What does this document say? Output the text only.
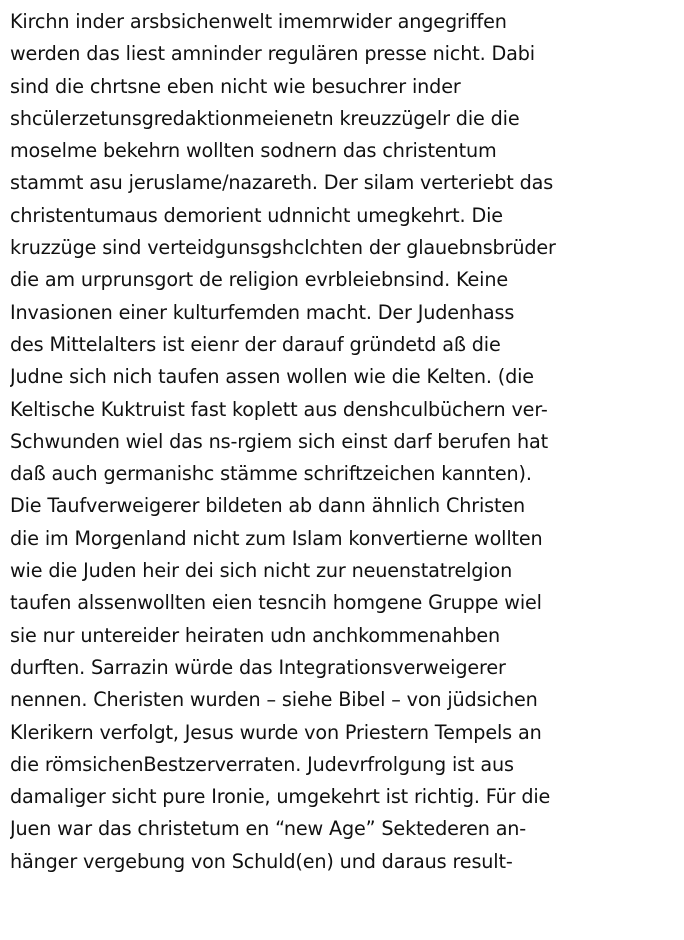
Kirchn inder arsbsichenwelt imemrwider angegriffen
werden das liest amninder regulären presse nicht. Dabi
sind die chrtsne eben nicht wie besuchrer inder
shcülerzetunsgredaktionmeienetn kreuzzügelr die die
moselme bekehrn wollten sodnern das christentum
stammt asu jeruslame/nazareth. Der silam verteriebt das
christentumaus demorient udnnicht umegkehrt. Die
kruzzüge sind verteidgunsgshclchten der glauebnsbrüder
die am urprunsgort de religion evrbleiebnsind. Keine
Invasionen einer kulturfemden macht. Der Judenhass
des Mittelalters ist eienr der darauf gründetd aß die
Judne sich nich taufen assen wollen wie die Kelten. (die
Keltische Kuktruist fast koplett aus denshculbüchern ver-
Schwunden wiel das ns-rgiem sich einst darf berufen hat
daß auch germanishc stämme schriftzeichen kannten).
Die Taufverweigerer bildeten ab dann ähnlich Christen
die im Morgenland nicht zum Islam konvertierne wollten
wie die Juden heir dei sich nicht zur neuenstatrelgion
taufen alssenwollten eien tesncih homgene Gruppe wiel
sie nur untereider heiraten udn anchkommenahben
durften. Sarrazin würde das Integrationsverweigerer
nennen. Cheristen wurden – siehe Bibel – von jüdsichen
Klerikern verfolgt, Jesus wurde von Priestern Tempels an
die römsichenBestzerverraten. Judevrfrolgung ist aus
damaliger sicht pure Ironie, umgekehrt ist richtig. Für die
Juen war das christetum en “new Age” Sektederen an-
hänger vergebung von Schuld(en) und daraus result-
